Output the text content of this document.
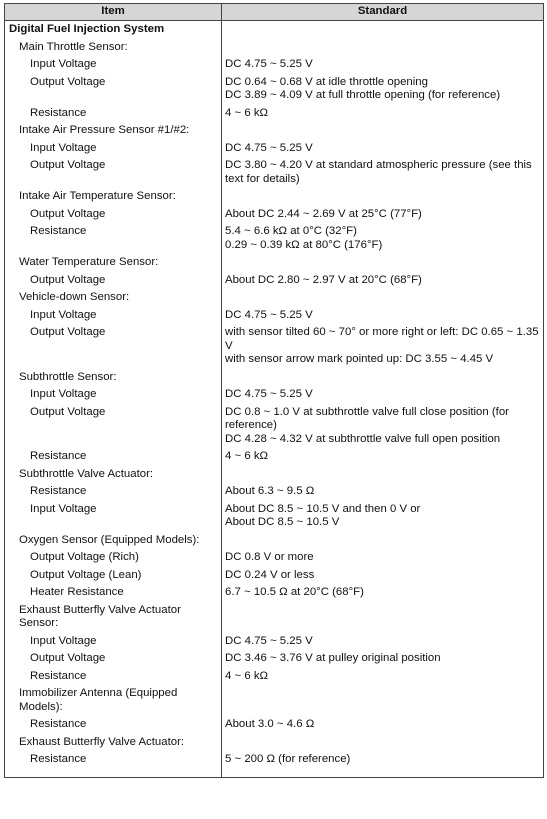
Item	Standard
Digital Fuel Injection System	
Main Throttle Sensor:	
Input Voltage	DC 4.75 ~ 5.25 V

Output Voltage	DC 0.64 ~ 0.68 V at idle throttle opening
DC 3.89 ~ 4.09 V at full throttle opening (for reference)

Resistance	4 ~ 6 kΩ

Intake Air Pressure Sensor #1/#2:	
Input Voltage	DC 4.75 ~ 5.25 V

Output Voltage	DC 3.80 ~ 4.20 V at standard atmospheric pressure (see this text for details)

Intake Air Temperature Sensor:	
Output Voltage	About DC 2.44 ~ 2.69 V at 25°C (77°F)

Resistance	5.4 ~ 6.6 kΩ at 0°C (32°F)
0.29 ~ 0.39 kΩ at 80°C (176°F)

Water Temperature Sensor:	
Output Voltage	About DC 2.80 ~ 2.97 V at 20°C (68°F)

Vehicle-down Sensor:	
Input Voltage	DC 4.75 ~ 5.25 V

Output Voltage	with sensor tilted 60 ~ 70° or more right or left: DC 0.65 ~ 1.35 V
with sensor arrow mark pointed up: DC 3.55 ~ 4.45 V

Subthrottle Sensor:	
Input Voltage	DC 4.75 ~ 5.25 V

Output Voltage	DC 0.8 ~ 1.0 V at subthrottle valve full close position (for reference)
DC 4.28 ~ 4.32 V at subthrottle valve full open position

Resistance	4 ~ 6 kΩ

Subthrottle Valve Actuator:	
Resistance	About 6.3 ~ 9.5 Ω

Input Voltage	About DC 8.5 ~ 10.5 V and then 0 V or
About DC 8.5 ~ 10.5 V

Oxygen Sensor (Equipped Models):	
Output Voltage (Rich)	DC 0.8 V or more

Output Voltage (Lean)	DC 0.24 V or less

Heater Resistance	6.7 ~ 10.5 Ω at 20°C (68°F)

Exhaust Butterfly Valve Actuator Sensor:	
Input Voltage	DC 4.75 ~ 5.25 V

Output Voltage	DC 3.46 ~ 3.76 V at pulley original position

Resistance	4 ~ 6 kΩ

Immobilizer Antenna (Equipped Models):	
Resistance	About 3.0 ~ 4.6 Ω

Exhaust Butterfly Valve Actuator:	
Resistance	5 ~ 200 Ω (for reference)
